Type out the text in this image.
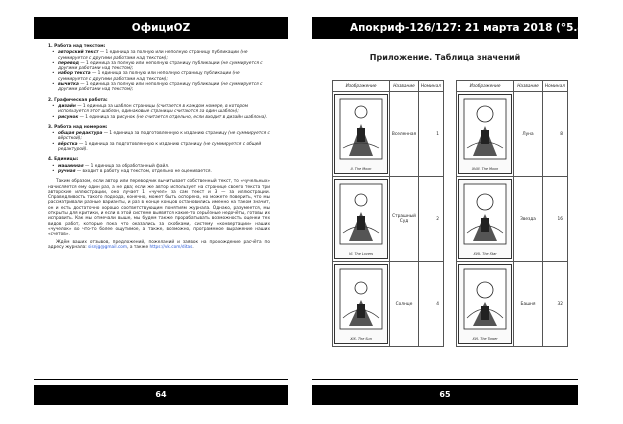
ОфициOZ	Апокриф-126/127: 21 марта 2018 (ץ°5.4 е.л.)
1. Работа над текстом:
• авторский текст — 1 единица за полную или неполную страницу публикации (не суммируется с другими работами над текстом);
• перевод — 1 единица за полную или неполную страницу публикации (не суммируется с другими работами над текстом);
• набор текста — 1 единица за полную или неполную страницу публикации (не суммируется с другими работами над текстом);
• вычитка — 1 единица за полную или неполную страницу публикации (не суммируется с другими работами над текстом);
2. Графическая работа:
• дизайн — 1 единица за шаблон страницы (считается в каждом номере, в котором используется этот шаблон, одинаковые страницы считаются за один шаблон);
• рисунок — 1 единица за рисунок (не считается отдельно, если входит в дизайн шаблона).
3. Работа над номером:
• общая редактура — 1 единица за подготовленную к изданию страницу (не суммируется с вёрсткой);
• вёрстка — 1 единица за подготовленную к изданию страницу (не суммируется с общей редактурой).
4. Единицы:
• машинная — 1 единица за обработанный файл.
• ручная — входит в работу над текстом, отдельно не оценивается.

Таким образом, если автор или переводчик вычитывает собственный текст, то «чучельных» начисляется ему один раз, а не два; если же автор использует на странице своего текста три авторские иллюстрации, оно лучает 1 «чучел» за сам текст и 3 — за иллюстрации. Справедливость такого подхода, конечно, может быть оспорена, но можете поверить, что мы рассматривали разные варианты, и раз в конце концов остановились именно на таком значит, он и есть достаточно хорошо соответствующим понятиям журнала. Однако, разумеется, мы открыты для критики, и если в этой системе выявятся какие-то серьёзные недочёты, готовы их исправить. Как мы отмечали выше, мы будем также прорабатывать возможность оценки тех видов работ, которые пока что оказались за скобками, систему «конвертации» наших «чучелок» во что-то более ощутимое, а также, возможно, программное выражение наших «счетов».

Ждём ваших отзывов, предложений, пожеланий и заявок на прохождение расчёта по адресу журнала: sisnjg@gmail.com, а также https://vk.com/ditas.

Приложение. Таблица значений
Изображение	Название	Номинал

II. The Moon	Вселенная	1

VI. The Lovers	Страшный Суд	2

XIX. The Sun	Солнце	4
Изображение	Название	Номинал

XVIII. The Moon	Луна	8

XVII. The Star	Звезда	16

XVI. The Tower	Башня	32
64	65
